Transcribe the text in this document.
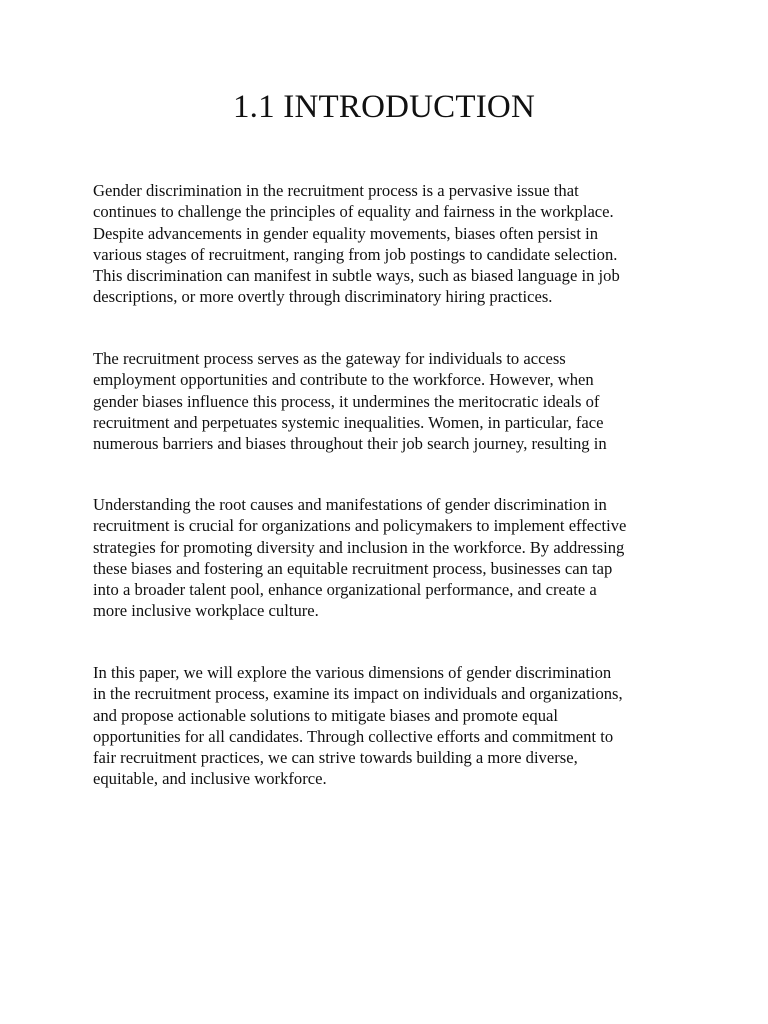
1.1 INTRODUCTION

Gender discrimination in the recruitment process is a pervasive issue that
continues to challenge the principles of equality and fairness in the workplace.
Despite advancements in gender equality movements, biases often persist in
various stages of recruitment, ranging from job postings to candidate selection.
This discrimination can manifest in subtle ways, such as biased language in job
descriptions, or more overtly through discriminatory hiring practices.

The recruitment process serves as the gateway for individuals to access
employment opportunities and contribute to the workforce. However, when
gender biases influence this process, it undermines the meritocratic ideals of
recruitment and perpetuates systemic inequalities. Women, in particular, face
numerous barriers and biases throughout their job search journey, resulting in

Understanding the root causes and manifestations of gender discrimination in
recruitment is crucial for organizations and policymakers to implement effective
strategies for promoting diversity and inclusion in the workforce. By addressing
these biases and fostering an equitable recruitment process, businesses can tap
into a broader talent pool, enhance organizational performance, and create a
more inclusive workplace culture.

In this paper, we will explore the various dimensions of gender discrimination
in the recruitment process, examine its impact on individuals and organizations,
and propose actionable solutions to mitigate biases and promote equal
opportunities for all candidates. Through collective efforts and commitment to
fair recruitment practices, we can strive towards building a more diverse,
equitable, and inclusive workforce.
